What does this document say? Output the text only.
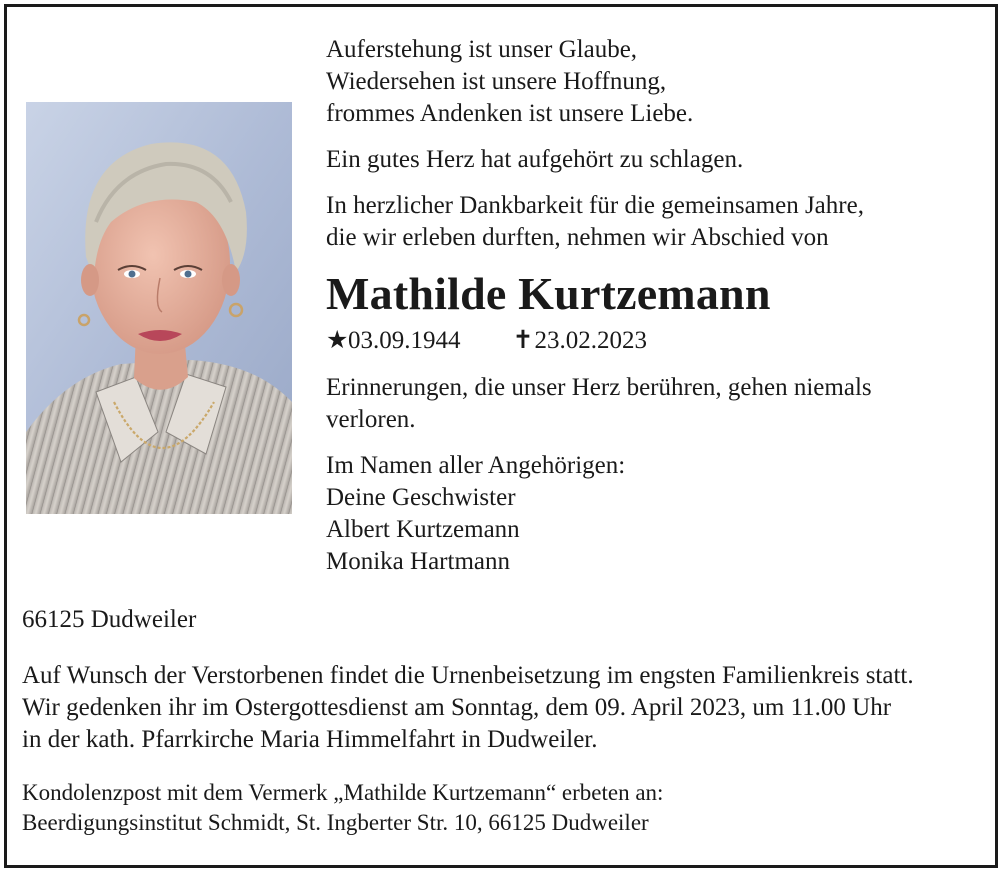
Auferstehung ist unser Glaube,
Wiedersehen ist unsere Hoffnung,
frommes Andenken ist unsere Liebe.

Ein gutes Herz hat aufgehört zu schlagen.

In herzlicher Dankbarkeit für die gemeinsamen Jahre,
die wir erleben durften, nehmen wir Abschied von

Mathilde Kurtzemann
★03.09.1944 ✝23.02.2023

Erinnerungen, die unser Herz berühren, gehen niemals
verloren.

Im Namen aller Angehörigen:
Deine Geschwister
Albert Kurtzemann
Monika Hartmann
66125 Dudweiler
Auf Wunsch der Verstorbenen findet die Urnenbeisetzung im engsten Familienkreis statt.
Wir gedenken ihr im Ostergottesdienst am Sonntag, dem 09. April 2023, um 11.00 Uhr
in der kath. Pfarrkirche Maria Himmelfahrt in Dudweiler.
Kondolenzpost mit dem Vermerk „Mathilde Kurtzemann“ erbeten an:
Beerdigungsinstitut Schmidt, St. Ingberter Str. 10, 66125 Dudweiler
